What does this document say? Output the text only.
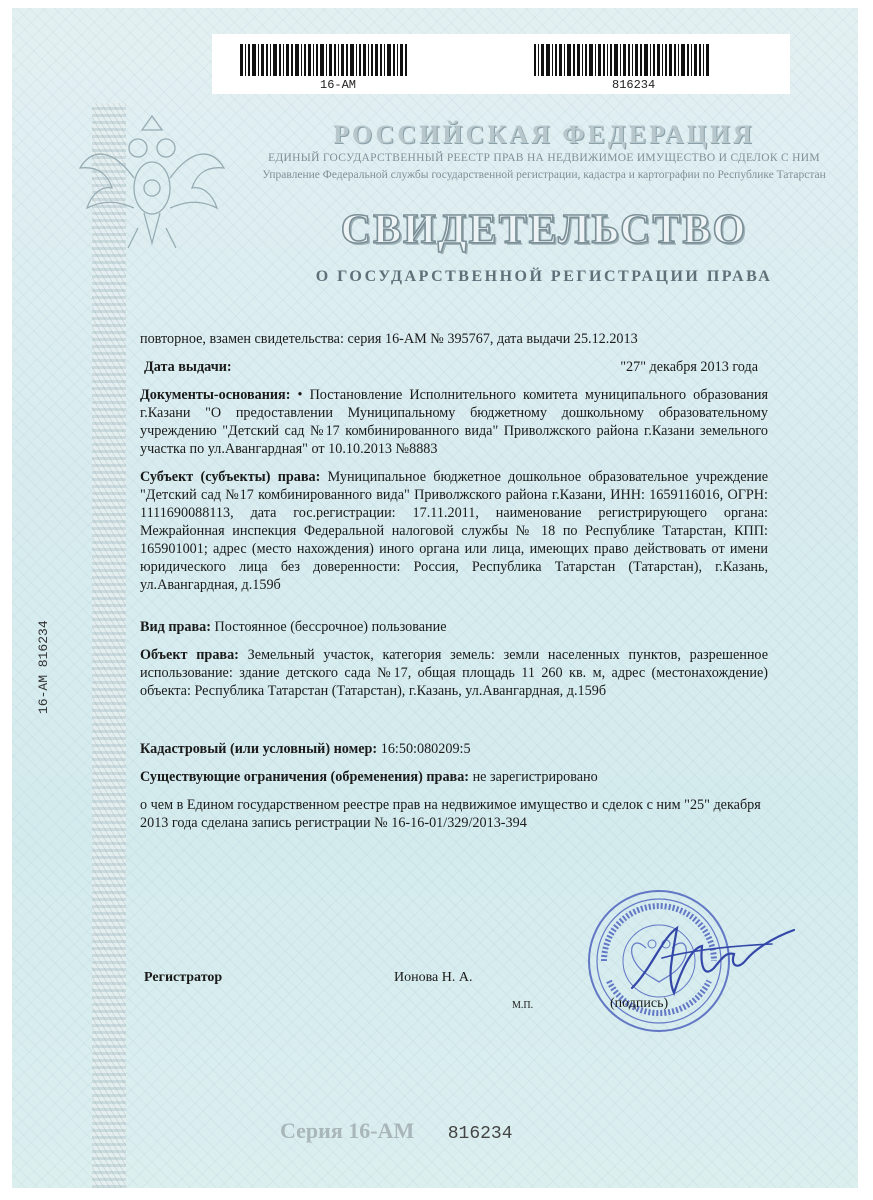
16-АМ 816234
16-АМ	816234
РОССИЙСКАЯ ФЕДЕРАЦИЯ
ЕДИНЫЙ ГОСУДАРСТВЕННЫЙ РЕЕСТР ПРАВ НА НЕДВИЖИМОЕ ИМУЩЕСТВО И СДЕЛОК С НИМ
Управление Федеральной службы государственной регистрации, кадастра и картографии по Республике Татарстан
СВИДЕТЕЛЬСТВО
О ГОСУДАРСТВЕННОЙ РЕГИСТРАЦИИ ПРАВА

повторное, взамен свидетельства: серия 16-АМ № 395767, дата выдачи 25.12.2013

Дата выдачи:	"27" декабря 2013 года

Документы-основания: • Постановление Исполнительного комитета муниципального образования г.Казани "О предоставлении Муниципальному бюджетному дошкольному образовательному учреждению "Детский сад №17 комбинированного вида" Приволжского района г.Казани земельного участка по ул.Авангардная" от 10.10.2013 №8883

Субъект (субъекты) права: Муниципальное бюджетное дошкольное образовательное учреждение "Детский сад №17 комбинированного вида" Приволжского района г.Казани, ИНН: 1659116016, ОГРН: 1111690088113, дата гос.регистрации: 17.11.2011, наименование регистрирующего органа: Межрайонная инспекция Федеральной налоговой службы № 18 по Республике Татарстан, КПП: 165901001; адрес (место нахождения) иного органа или лица, имеющих право действовать от имени юридического лица без доверенности: Россия, Республика Татарстан (Татарстан), г.Казань, ул.Авангардная, д.159б

Вид права: Постоянное (бессрочное) пользование

Объект права: Земельный участок, категория земель: земли населенных пунктов, разрешенное использование: здание детского сада №17, общая площадь 11 260 кв. м, адрес (местонахождение) объекта: Республика Татарстан (Татарстан), г.Казань, ул.Авангардная, д.159б

Кадастровый (или условный) номер: 16:50:080209:5

Существующие ограничения (обременения) права: не зарегистрировано

о чем в Едином государственном реестре прав на недвижимое имущество и сделок с ним "25" декабря 2013 года сделана запись регистрации № 16-16-01/329/2013-394

Регистратор	Ионова Н. А.
М.П.	(подпись)
Серия 16-АМ 816234
